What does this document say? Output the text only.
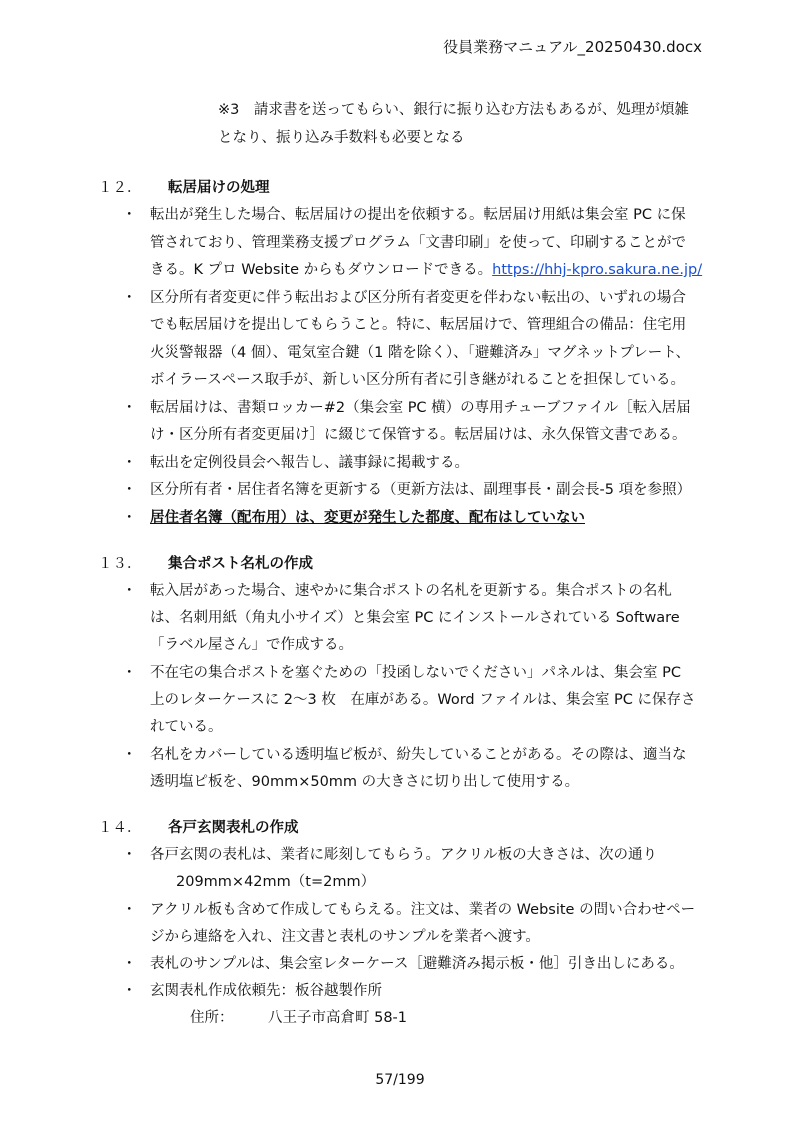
役員業務マニュアル_20250430.docx
※3　請求書を送ってもらい、銀行に振り込む方法もあるが、処理が煩雑
となり、振り込み手数料も必要となる
１２． 転居届けの処理
・ 転出が発生した場合、転居届けの提出を依頼する。転居届け用紙は集会室 PC に保
管されており、管理業務支援プログラム「文書印刷」を使って、印刷することがで
きる。K プロ Website からもダウンロードできる。https://hhj-kpro.sakura.ne.jp/
・ 区分所有者変更に伴う転出および区分所有者変更を伴わない転出の、いずれの場合
でも転居届けを提出してもらうこと。特に、転居届けで、管理組合の備品：住宅用
火災警報器（4 個）、電気室合鍵（1 階を除く）、「避難済み」マグネットプレート、
ボイラースペース取手が、新しい区分所有者に引き継がれることを担保している。
・ 転居届けは、書類ロッカー#2（集会室 PC 横）の専用チューブファイル［転入居届
け・区分所有者変更届け］に綴じて保管する。転居届けは、永久保管文書である。
・ 転出を定例役員会へ報告し、議事録に掲載する。
・ 区分所有者・居住者名簿を更新する（更新方法は、副理事長・副会長-5 項を参照）
・ 居住者名簿（配布用）は、変更が発生した都度、配布はしていない
１３． 集合ポスト名札の作成
・ 転入居があった場合、速やかに集合ポストの名札を更新する。集合ポストの名札
は、名刺用紙（角丸小サイズ）と集会室 PC にインストールされている Software
「ラベル屋さん」で作成する。
・ 不在宅の集合ポストを塞ぐための「投函しないでください」パネルは、集会室 PC
上のレターケースに 2〜3 枚　在庫がある。Word ファイルは、集会室 PC に保存さ
れている。
・ 名札をカバーしている透明塩ピ板が、紛失していることがある。その際は、適当な
透明塩ピ板を、90mm×50mm の大きさに切り出して使用する。
１４． 各戸玄関表札の作成
・ 各戸玄関の表札は、業者に彫刻してもらう。アクリル板の大きさは、次の通り
209mm×42mm（t=2mm）
・ アクリル板も含めて作成してもらえる。注文は、業者の Website の問い合わせペー
ジから連絡を入れ、注文書と表札のサンプルを業者へ渡す。
・ 表札のサンプルは、集会室レターケース［避難済み掲示板・他］引き出しにある。
・ 玄関表札作成依頼先：板谷越製作所
住所： 八王子市高倉町 58-1
57/199
